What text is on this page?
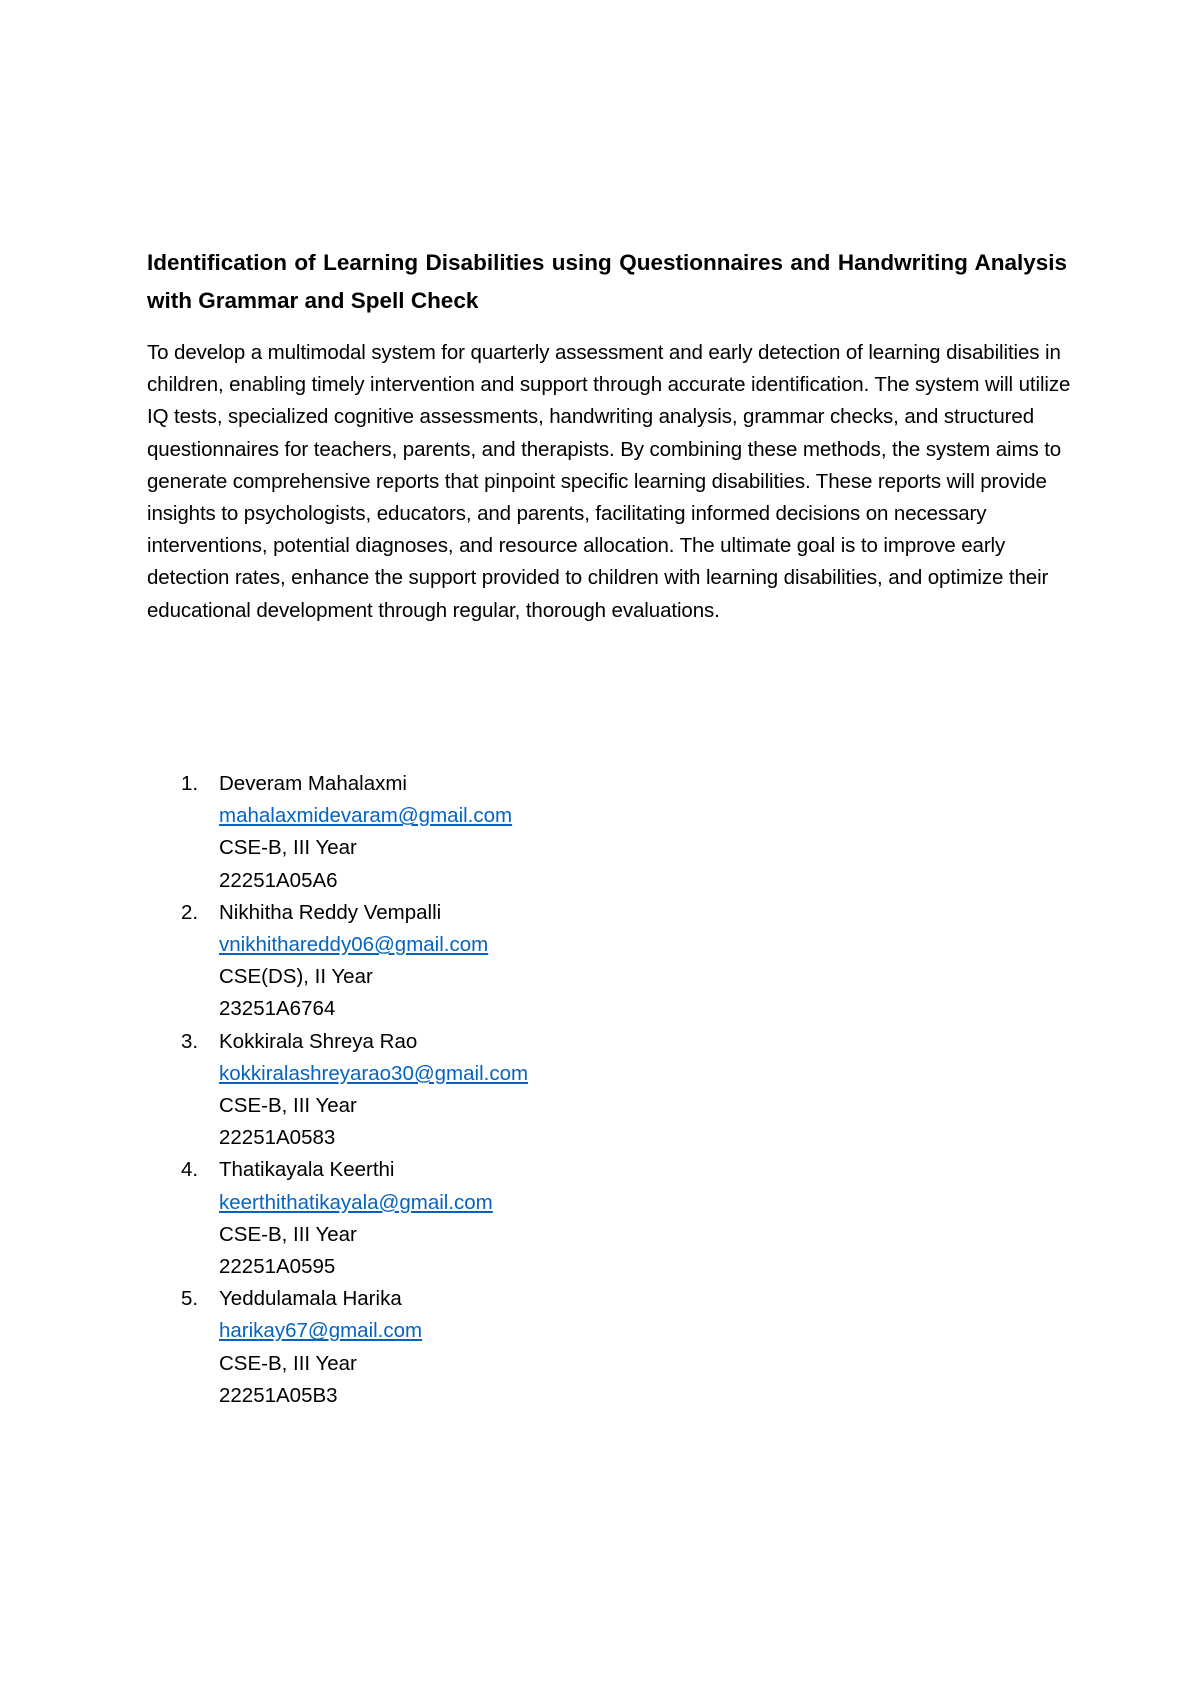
Identification of Learning Disabilities using Questionnaires and Handwriting Analysis with Grammar and Spell Check

To develop a multimodal system for quarterly assessment and early detection of learning disabilities in children, enabling timely intervention and support through accurate identification. The system will utilize IQ tests, specialized cognitive assessments, handwriting analysis, grammar checks, and structured questionnaires for teachers, parents, and therapists. By combining these methods, the system aims to generate comprehensive reports that pinpoint specific learning disabilities. These reports will provide insights to psychologists, educators, and parents, facilitating informed decisions on necessary interventions, potential diagnoses, and resource allocation. The ultimate goal is to improve early detection rates, enhance the support provided to children with learning disabilities, and optimize their educational development through regular, thorough evaluations.

1.	Deveram Mahalaxmi
mahalaxmidevaram@gmail.com
CSE-B, III Year
22251A05A6
2.	Nikhitha Reddy Vempalli
vnikhithareddy06@gmail.com
CSE(DS), II Year
23251A6764
3.	Kokkirala Shreya Rao
kokkiralashreyarao30@gmail.com
CSE-B, III Year
22251A0583
4.	Thatikayala Keerthi
keerthithatikayala@gmail.com
CSE-B, III Year
22251A0595
5.	Yeddulamala Harika
harikay67@gmail.com
CSE-B, III Year
22251A05B3
